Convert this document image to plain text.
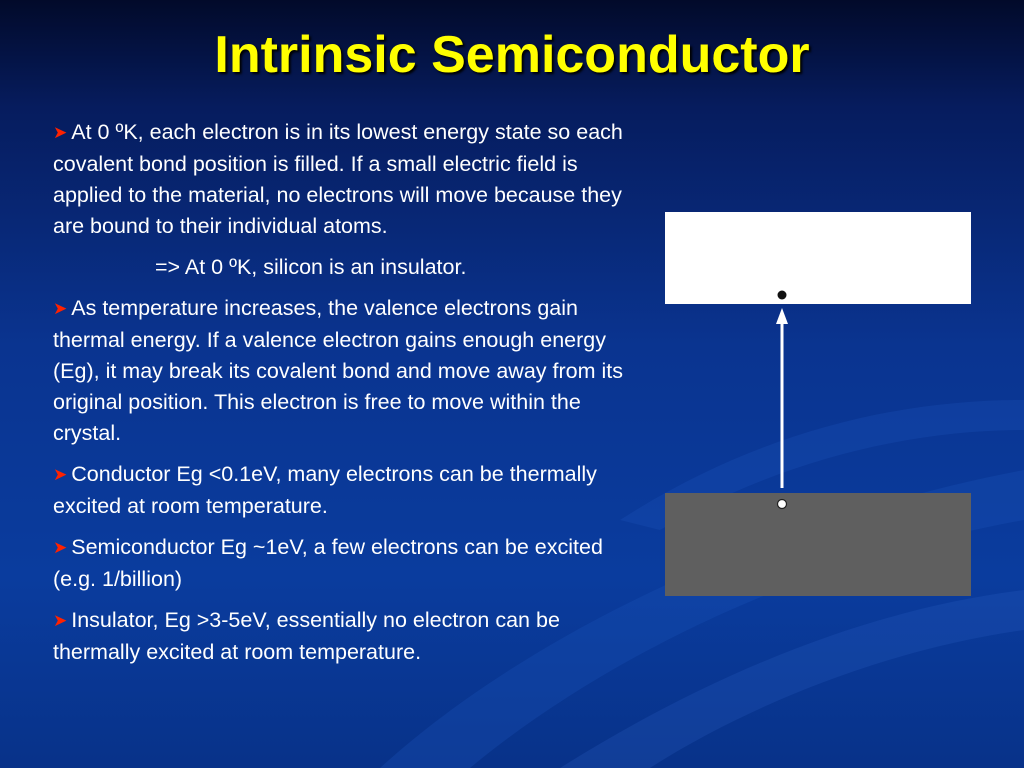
Intrinsic Semiconductor

➤ At 0 ºK, each electron is in its lowest energy state so each covalent bond position is filled. If a small electric field is applied to the material, no electrons will move because they are bound to their individual atoms.

=> At 0 ºK, silicon is an insulator.

➤ As temperature increases, the valence electrons gain thermal energy. If a valence electron gains enough energy (Eg), it may break its covalent bond and move away from its original position. This electron is free to move within the crystal.

➤ Conductor Eg <0.1eV, many electrons can be thermally excited at room temperature.

➤ Semiconductor Eg ~1eV, a few electrons can be excited (e.g. 1/billion)

➤ Insulator, Eg >3-5eV, essentially no electron can be thermally excited at room temperature.
